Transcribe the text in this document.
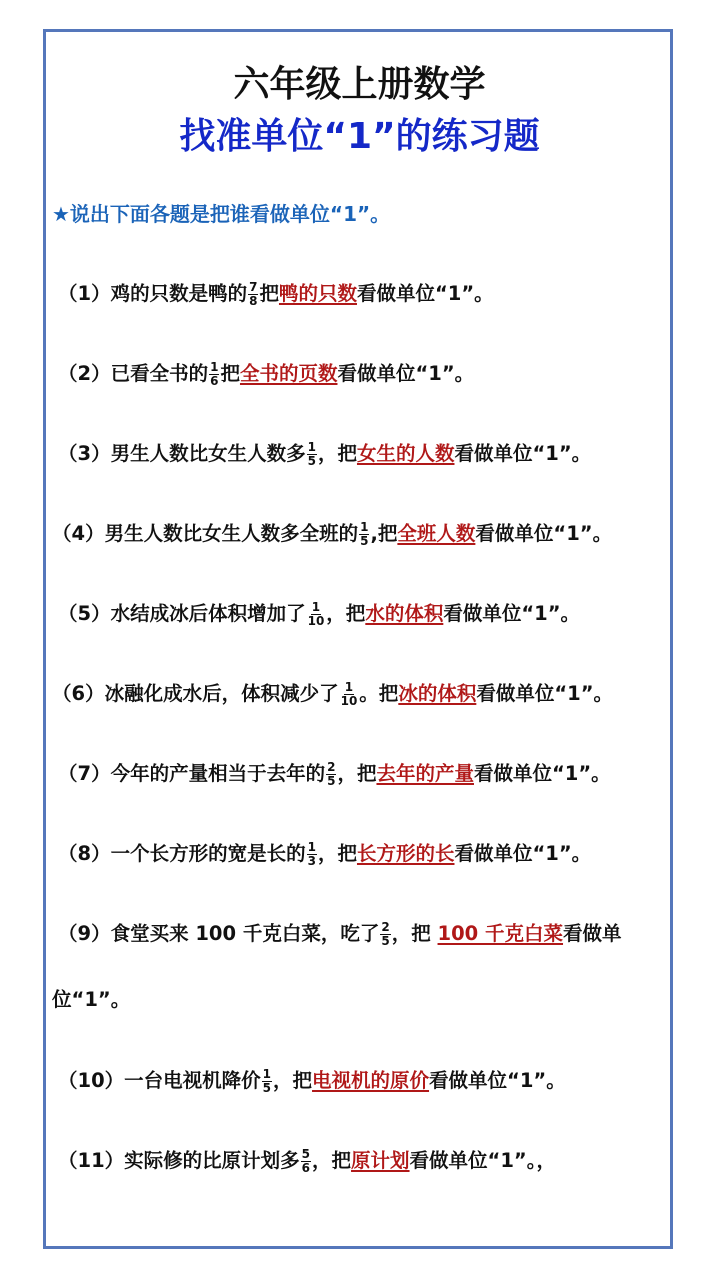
六年级上册数学
找准单位“1”的练习题
★说出下面各题是把谁看做单位“1”。
（1）鸡的只数是鸭的 $\frac{7}{8}$ 把鸭的只数看做单位“1”。
（2）已看全书的 $\frac{1}{6}$ 把全书的页数看做单位“1”。
（3）男生人数比女生人数多 $\frac{1}{5}$ ，把女生的人数看做单位“1”。
（4）男生人数比女生人数多全班的 $\frac{1}{5}$ ,把全班人数看做单位“1”。
（5）水结成冰后体积增加了 $\frac{1}{10}$ ，把水的体积看做单位“1”。
（6）冰融化成水后，体积减少了 $\frac{1}{10}$ 。把冰的体积看做单位“1”。
（7）今年的产量相当于去年的 $\frac{2}{5}$ ，把去年的产量看做单位“1”。
（8）一个长方形的宽是长的 $\frac{1}{3}$ ，把长方形的长看做单位“1”。
（9）食堂买来 100 千克白菜，吃了 $\frac{2}{5}$ ，把 100 千克白菜看做单
位“1”。
（10）一台电视机降价 $\frac{1}{5}$ ，把电视机的原价看做单位“1”。
（11）实际修的比原计划多 $\frac{5}{6}$ ，把原计划看做单位“1”。，
